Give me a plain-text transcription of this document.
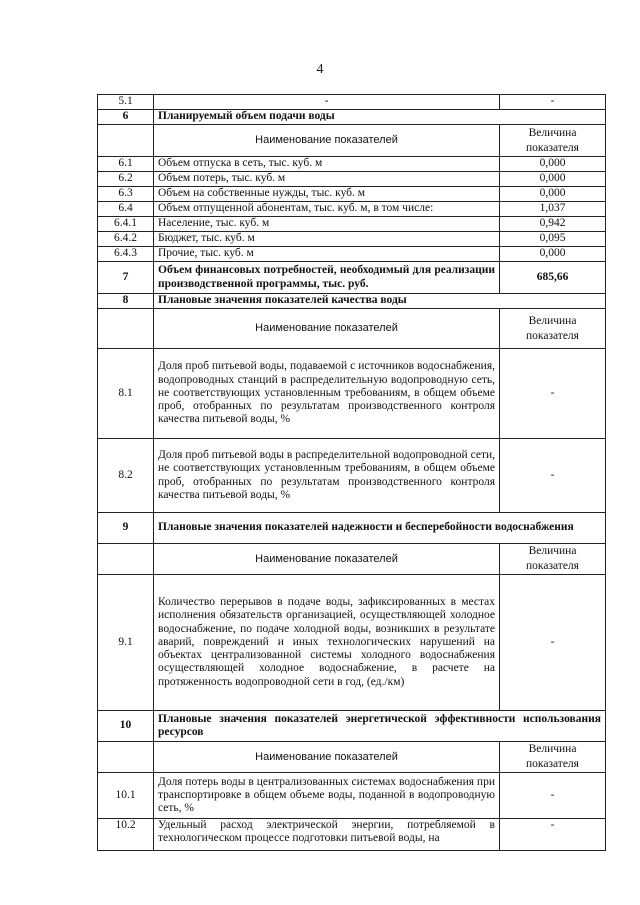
4
5.1	-	-
6	Планируемый объем подачи воды	
	Наименование показателей	Величина
показателя
6.1	Объем отпуска в сеть, тыс. куб. м	0,000
6.2	Объем потерь, тыс. куб. м	0,000
6.3	Объем на собственные нужды, тыс. куб. м	0,000
6.4	Объем отпущенной абонентам, тыс. куб. м, в том числе:	1,037
6.4.1	Население, тыс. куб. м	0,942
6.4.2	Бюджет, тыс. куб. м	0,095
6.4.3	Прочие, тыс. куб. м	0,000
7	Объем финансовых потребностей, необходимый для реализации производственной программы, тыс. руб.	685,66
8	Плановые значения показателей качества воды	
	Наименование показателей	Величина
показателя
8.1	Доля проб питьевой воды, подаваемой с источников водоснабжения, водопроводных станций в распределительную водопроводную сеть, не соответствующих установленным требованиям, в общем объеме проб, отобранных по результатам производственного контроля качества питьевой воды, %	-
8.2	Доля проб питьевой воды в распределительной водопроводной сети, не соответствующих установленным требованиям, в общем объеме проб, отобранных по результатам производственного контроля качества питьевой воды, %	-
9	Плановые значения показателей надежности и бесперебойности водоснабжения	
	Наименование показателей	Величина
показателя
9.1	Количество перерывов в подаче воды, зафиксированных в местах исполнения обязательств организацией, осуществляющей холодное водоснабжение, по подаче холодной воды, возникших в результате аварий, повреждений и иных технологических нарушений на объектах централизованной системы холодного водоснабжения осуществляющей холодное водоснабжение, в расчете на протяженность водопроводной сети в год, (ед./км)	-
10	Плановые значения показателей энергетической эффективности использования ресурсов	
	Наименование показателей	Величина
показателя
10.1	Доля потерь воды в централизованных системах водоснабжения при транспортировке в общем объеме воды, поданной в водопроводную сеть, %	-
10.2	Удельный расход электрической энергии, потребляемой в технологическом процессе подготовки питьевой воды, на	-
